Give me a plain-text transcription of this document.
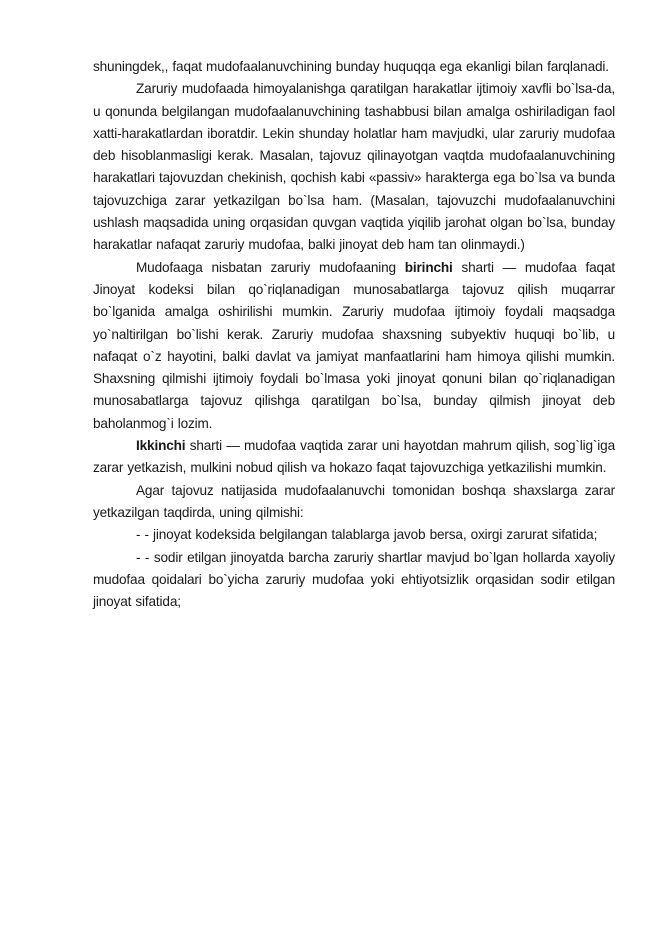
shuningdek,, faqat mudofaalanuvchining bunday huquqqa ega ekanligi bilan farqlanadi.

Zaruriy mudofaada himoyalanishga qaratilgan harakatlar ijtimoiy xavfli bo`lsa-da, u qonunda belgilangan mudofaalanuvchining tashabbusi bilan amalga oshiriladigan faol xatti-harakatlardan iboratdir. Lekin shunday holatlar ham mavjudki, ular zaruriy mudofaa deb hisoblanmasligi kerak. Masalan, tajovuz qilinayotgan vaqtda mudofaalanuvchining harakatlari tajovuzdan chekinish, qochish kabi «passiv» harakterga ega bo`lsa va bunda tajovuzchiga zarar yetkazilgan bo`lsa ham. (Masalan, tajovuzchi mudofaalanuvchini ushlash maqsadida uning orqasidan quvgan vaqtida yiqilib jarohat olgan bo`lsa, bunday harakatlar nafaqat zaruriy mudofaa, balki jinoyat deb ham tan olinmaydi.)

Mudofaaga nisbatan zaruriy mudofaaning birinchi sharti — mudofaa faqat Jinoyat kodeksi bilan qo`riqlanadigan munosabatlarga tajovuz qilish muqarrar bo`lganida amalga oshirilishi mumkin. Zaruriy mudofaa ijtimoiy foydali maqsadga yo`naltirilgan bo`lishi kerak. Zaruriy mudofaa shaxsning subyektiv huquqi bo`lib, u nafaqat o`z hayotini, balki davlat va jamiyat manfaatlarini ham himoya qilishi mumkin. Shaxsning qilmishi ijtimoiy foydali bo`lmasa yoki jinoyat qonuni bilan qo`riqlanadigan munosabatlarga tajovuz qilishga qaratilgan bo`lsa, bunday qilmish jinoyat deb baholanmog`i lozim.

Ikkinchi sharti — mudofaa vaqtida zarar uni hayotdan mahrum qilish, sog`lig`iga zarar yetkazish, mulkini nobud qilish va hokazo faqat tajovuzchiga yetkazilishi mumkin.

Agar tajovuz natijasida mudofaalanuvchi tomonidan boshqa shaxslarga zarar yetkazilgan taqdirda, uning qilmishi:

- - jinoyat kodeksida belgilangan talablarga javob bersa, oxirgi zarurat sifatida;

- - sodir etilgan jinoyatda barcha zaruriy shartlar mavjud bo`lgan hollarda xayoliy mudofaa qoidalari bo`yicha zaruriy mudofaa yoki ehtiyotsizlik orqasidan sodir etilgan jinoyat sifatida;
